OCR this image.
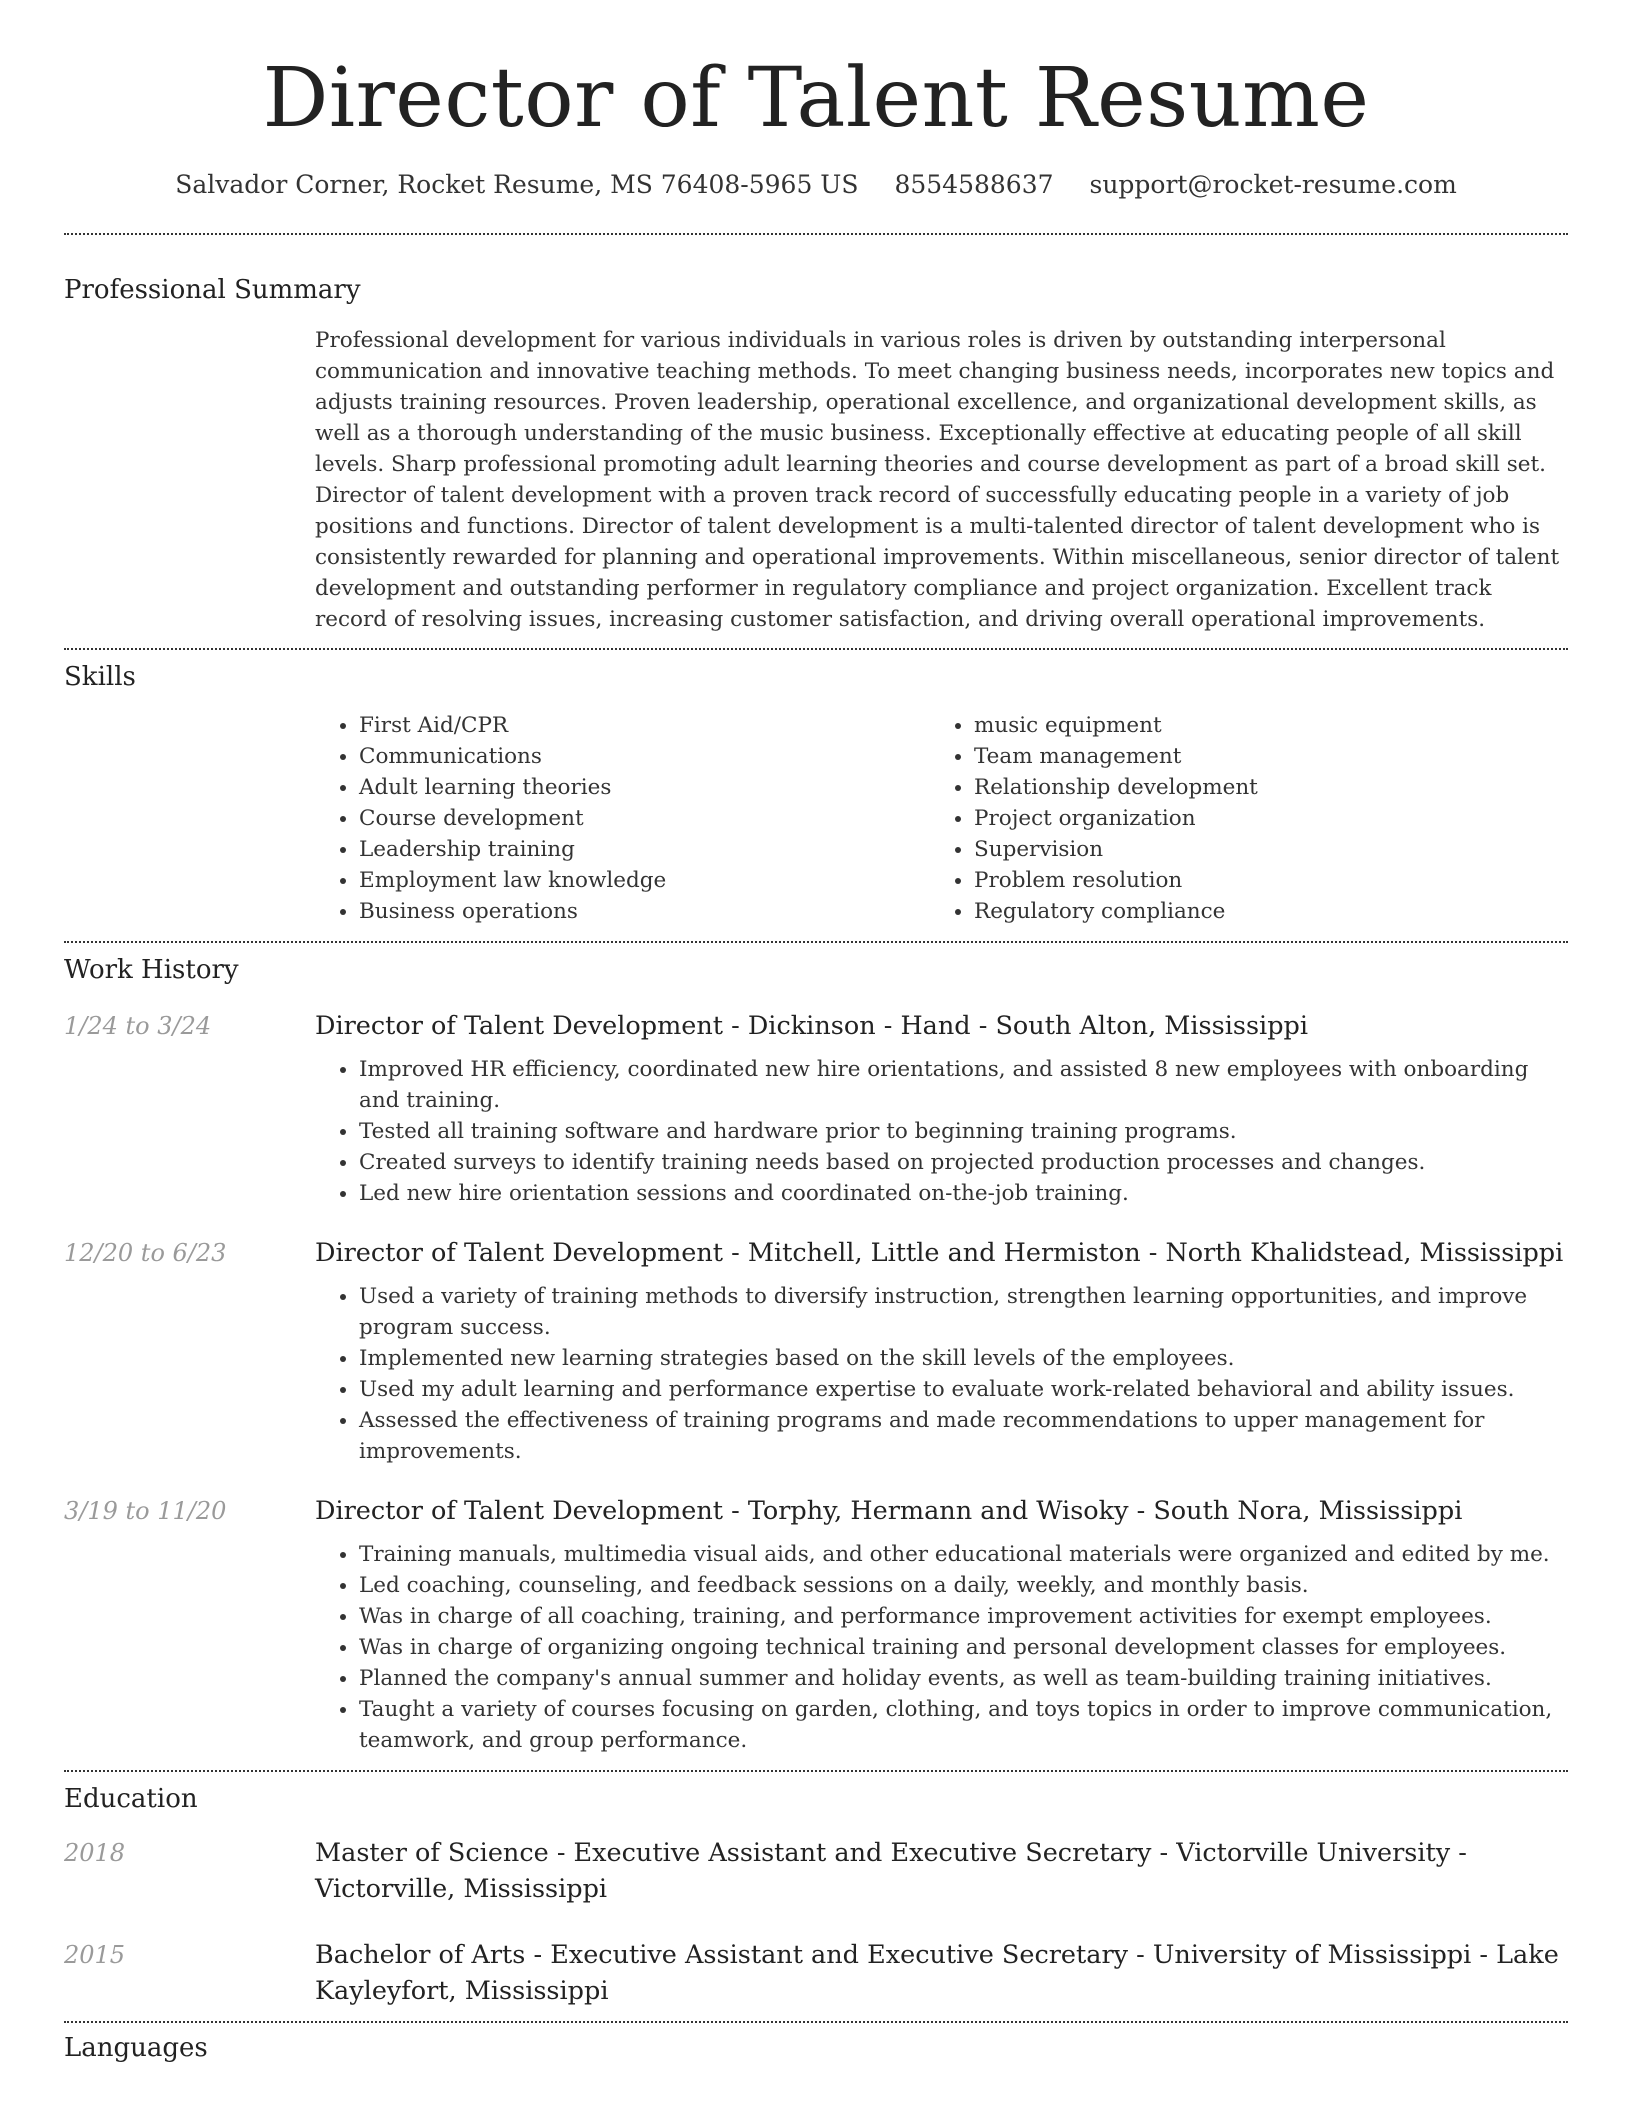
Director of Talent Resume
Salvador Corner, Rocket Resume, MS 76408-5965 US 8554588637 support@rocket-resume.com
Professional Summary

Professional development for various individuals in various roles is driven by outstanding interpersonal communication and innovative teaching methods. To meet changing business needs, incorporates new topics and adjusts training resources. Proven leadership, operational excellence, and organizational development skills, as well as a thorough understanding of the music business. Exceptionally effective at educating people of all skill levels. Sharp professional promoting adult learning theories and course development as part of a broad skill set. Director of talent development with a proven track record of successfully educating people in a variety of job positions and functions. Director of talent development is a multi-talented director of talent development who is consistently rewarded for planning and operational improvements. Within miscellaneous, senior director of talent development and outstanding performer in regulatory compliance and project organization. Excellent track record of resolving issues, increasing customer satisfaction, and driving overall operational improvements.

Skills
• First Aid/CPR
• Communications
• Adult learning theories
• Course development
• Leadership training
• Employment law knowledge
• Business operations
• music equipment
• Team management
• Relationship development
• Project organization
• Supervision
• Problem resolution
• Regulatory compliance
Work History
1/24 to 3/24	Director of Talent Development - Dickinson - Hand - South Alton, Mississippi
• Improved HR efficiency, coordinated new hire orientations, and assisted 8 new employees with onboarding and training.
• Tested all training software and hardware prior to beginning training programs.
• Created surveys to identify training needs based on projected production processes and changes.
• Led new hire orientation sessions and coordinated on-the-job training.
12/20 to 6/23	Director of Talent Development - Mitchell, Little and Hermiston - North Khalidstead, Mississippi
• Used a variety of training methods to diversify instruction, strengthen learning opportunities, and improve program success.
• Implemented new learning strategies based on the skill levels of the employees.
• Used my adult learning and performance expertise to evaluate work-related behavioral and ability issues.
• Assessed the effectiveness of training programs and made recommendations to upper management for improvements.
3/19 to 11/20	Director of Talent Development - Torphy, Hermann and Wisoky - South Nora, Mississippi
• Training manuals, multimedia visual aids, and other educational materials were organized and edited by me.
• Led coaching, counseling, and feedback sessions on a daily, weekly, and monthly basis.
• Was in charge of all coaching, training, and performance improvement activities for exempt employees.
• Was in charge of organizing ongoing technical training and personal development classes for employees.
• Planned the company's annual summer and holiday events, as well as team-building training initiatives.
• Taught a variety of courses focusing on garden, clothing, and toys topics in order to improve communication, teamwork, and group performance.
Education
2018	Master of Science - Executive Assistant and Executive Secretary - Victorville University - Victorville, Mississippi
2015	Bachelor of Arts - Executive Assistant and Executive Secretary - University of Mississippi - Lake Kayleyfort, Mississippi
Languages
